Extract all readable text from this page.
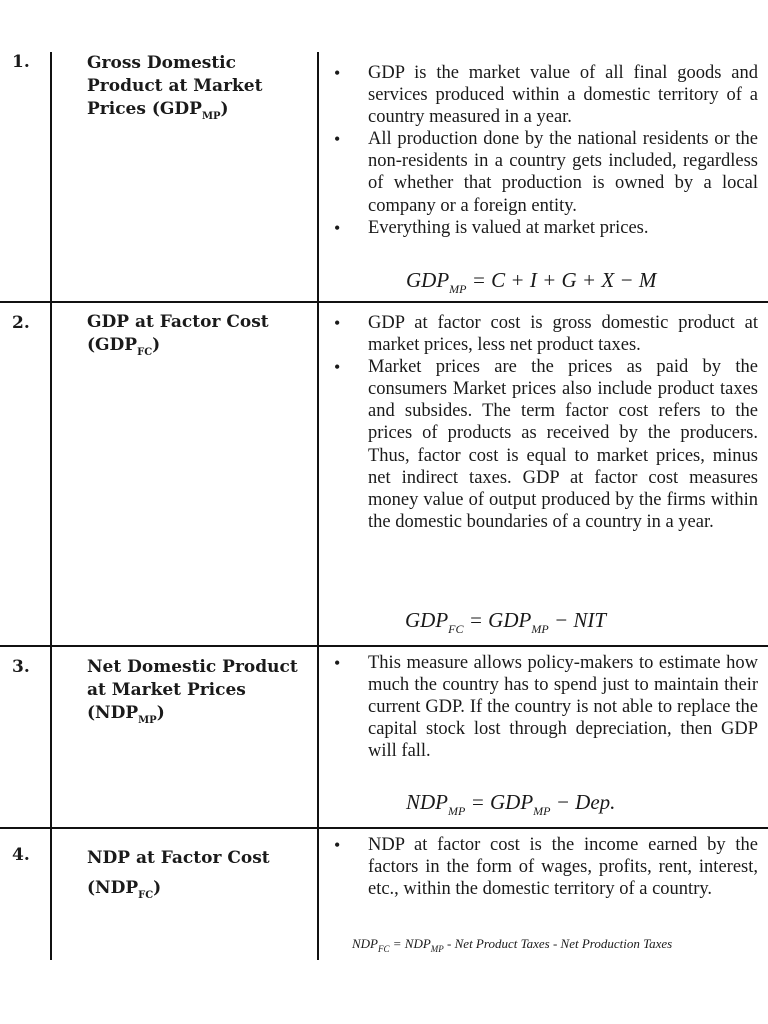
1.	Gross Domestic Product at Market Prices $(GDP_{MP})$
• GDP is the market value of all final goods and services produced within a domestic territory of a country measured in a year.
• All production done by the national residents or the non-residents in a country gets included, regardless of whether that production is owned by a local company or a foreign entity.
• Everything is valued at market prices.
$GDP_{MP} = C + I + G + X - M$
2.	GDP at Factor Cost $(GDP_{FC})$
• GDP at factor cost is gross domestic product at market prices, less net product taxes.
• Market prices are the prices as paid by the consumers Market prices also include product taxes and subsides. The term factor cost refers to the prices of products as received by the producers. Thus, factor cost is equal to market prices, minus net indirect taxes. GDP at factor cost measures money value of output produced by the firms within the domestic boundaries of a country in a year.
$GDP_{FC} = GDP_{MP}$ − NIT
3.	Net Domestic Product at Market Prices $(NDP_{MP})$
• This measure allows policy-makers to estimate how much the country has to spend just to maintain their current GDP. If the country is not able to replace the capital stock lost through depreciation, then GDP will fall.
$NDP_{MP} = GDP_{MP}$ − Dep.
4.	NDP at Factor Cost $(NDP_{FC})$
• NDP at factor cost is the income earned by the factors in the form of wages, profits, rent, interest, etc., within the domestic territory of a country.
$NDP_{FC} = NDP_{MP}$ - Net Product Taxes - Net Production Taxes
